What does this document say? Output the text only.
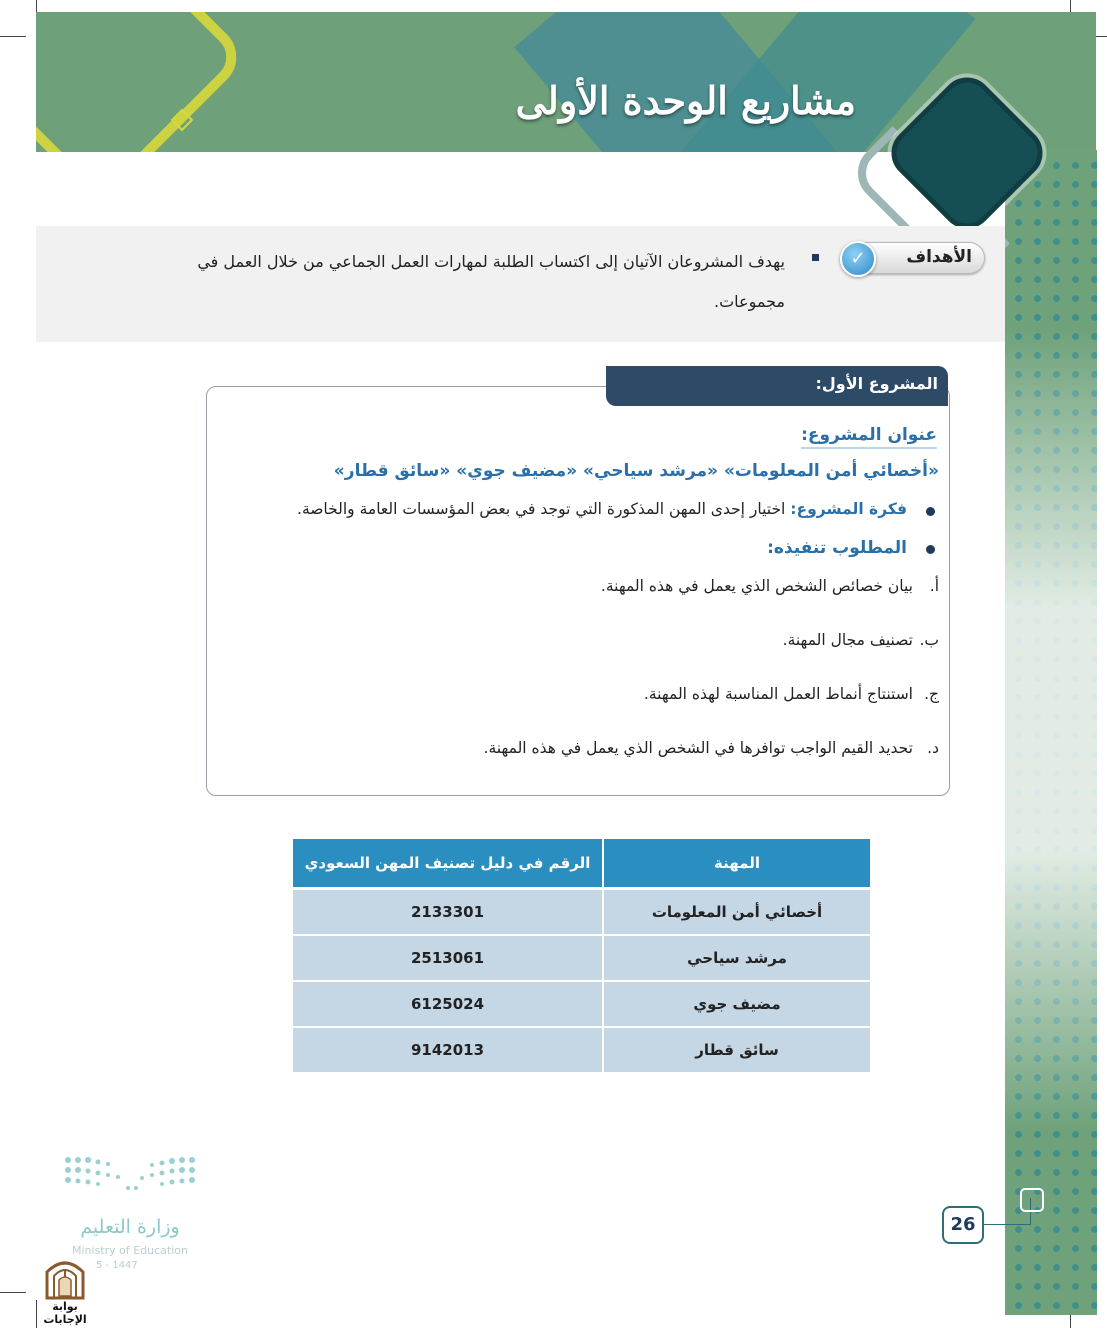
مشاريع الوحدة الأولى
✓	الأهداف
يهدف المشروعان الآتيان إلى اكتساب الطلبة لمهارات العمل الجماعي من خلال العمل في مجموعات.
عنوان المشروع:
«أخصائي أمن المعلومات» «مرشد سياحي» «مضيف جوي» «سائق قطار»
فكرة المشروع: اختيار إحدى المهن المذكورة التي توجد في بعض المؤسسات العامة والخاصة.
المطلوب تنفيذه:
أ.بيان خصائص الشخص الذي يعمل في هذه المهنة.
ب.تصنيف مجال المهنة.
ج.استنتاج أنماط العمل المناسبة لهذه المهنة.
د.تحديد القيم الواجب توافرها في الشخص الذي يعمل في هذه المهنة.
المشروع الأول:
المهنة	الرقم في دليل تصنيف المهن السعودي
أخصائي أمن المعلومات	2133301
مرشد سياحي	2513061
مضيف جوي	6125024
سائق قطار	9142013
26
وزارة التعليم
Ministry of Education
5 - 1447
بوابة الإجابات
